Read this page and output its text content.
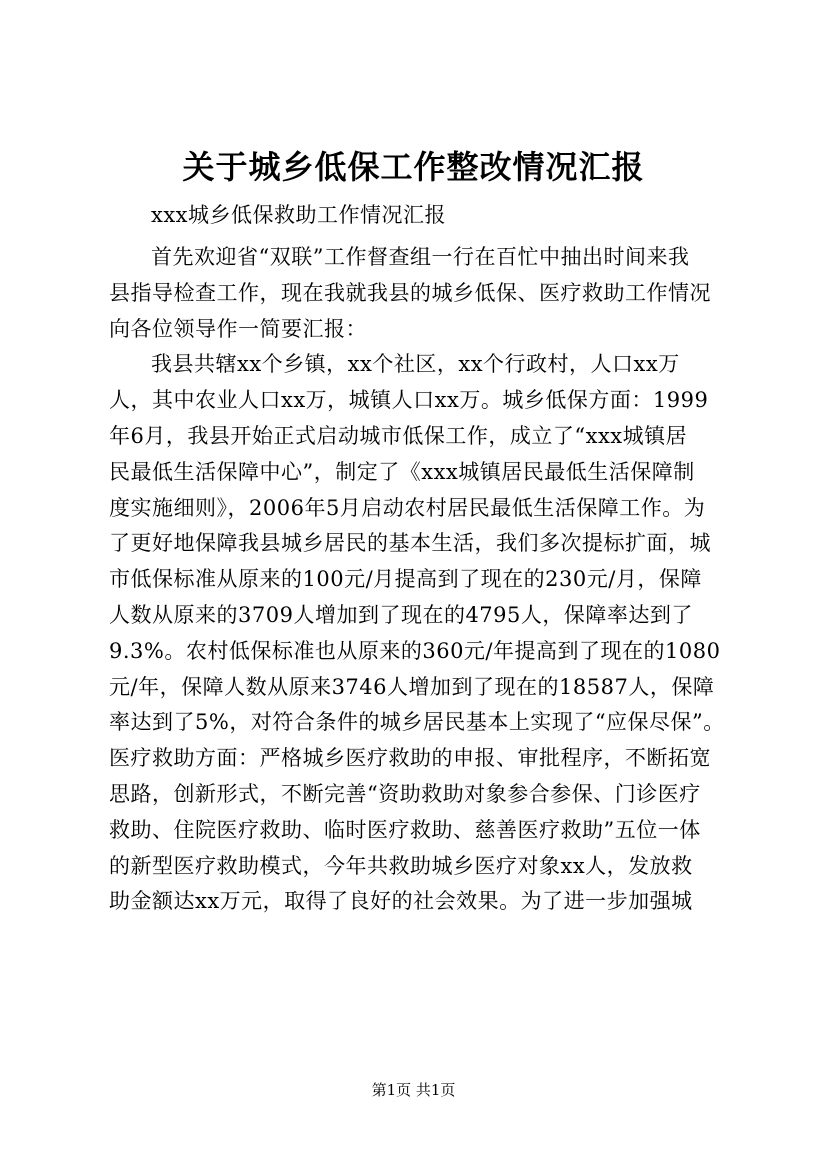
关于城乡低保工作整改情况汇报
xxx城乡低保救助工作情况汇报
首先欢迎省“双联”工作督查组一行在百忙中抽出时间来我
县指导检查工作，现在我就我县的城乡低保、医疗救助工作情况
向各位领导作一简要汇报：
我县共辖xx个乡镇，xx个社区，xx个行政村，人口xx万
人，其中农业人口xx万，城镇人口xx万。城乡低保方面：1999
年6月，我县开始正式启动城市低保工作，成立了“xxx城镇居
民最低生活保障中心”，制定了《xxx城镇居民最低生活保障制
度实施细则》，2006年5月启动农村居民最低生活保障工作。为
了更好地保障我县城乡居民的基本生活，我们多次提标扩面，城
市低保标准从原来的100元/月提高到了现在的230元/月，保障
人数从原来的3709人增加到了现在的4795人，保障率达到了
9.3%。农村低保标准也从原来的360元/年提高到了现在的1080
元/年，保障人数从原来3746人增加到了现在的18587人，保障
率达到了5%，对符合条件的城乡居民基本上实现了“应保尽保”。
医疗救助方面：严格城乡医疗救助的申报、审批程序，不断拓宽
思路，创新形式，不断完善“资助救助对象参合参保、门诊医疗
救助、住院医疗救助、临时医疗救助、慈善医疗救助”五位一体
的新型医疗救助模式，今年共救助城乡医疗对象xx人，发放救
助金额达xx万元，取得了良好的社会效果。为了进一步加强城
第1页 共1页
